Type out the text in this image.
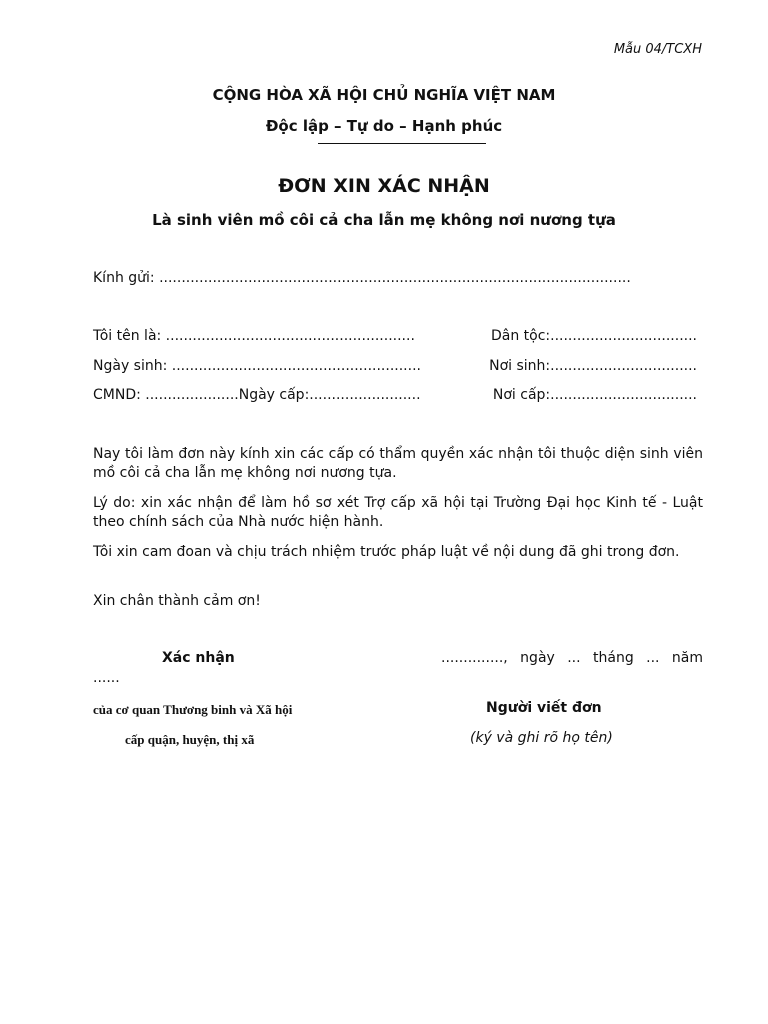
Mẫu 04/TCXH
CỘNG HÒA XÃ HỘI CHỦ NGHĨA VIỆT NAM
Độc lập – Tự do – Hạnh phúc
ĐƠN XIN XÁC NHẬN
Là sinh viên mồ côi cả cha lẫn mẹ không nơi nương tựa
Kính gửi: ..........................................................................................................
Tôi tên là: ........................................................	Dân tộc:.................................
Ngày sinh: ........................................................	Nơi sinh:.................................
CMND: .....................Ngày cấp:.........................	Nơi cấp:.................................
Nay tôi làm đơn này kính xin các cấp có thẩm quyền xác nhận tôi thuộc diện sinh viên mồ côi cả cha lẫn mẹ không nơi nương tựa.
Lý do: xin xác nhận để làm hồ sơ xét Trợ cấp xã hội tại Trường Đại học Kinh tế - Luật theo chính sách của Nhà nước hiện hành.
Tôi xin cam đoan và chịu trách nhiệm trước pháp luật về nội dung đã ghi trong đơn.
Xin chân thành cảm ơn!
Xác nhận	.............., ngày ... tháng ... năm
......
của cơ quan Thương binh và Xã hội
cấp quận, huyện, thị xã
Người viết đơn
(ký và ghi rõ họ tên)
